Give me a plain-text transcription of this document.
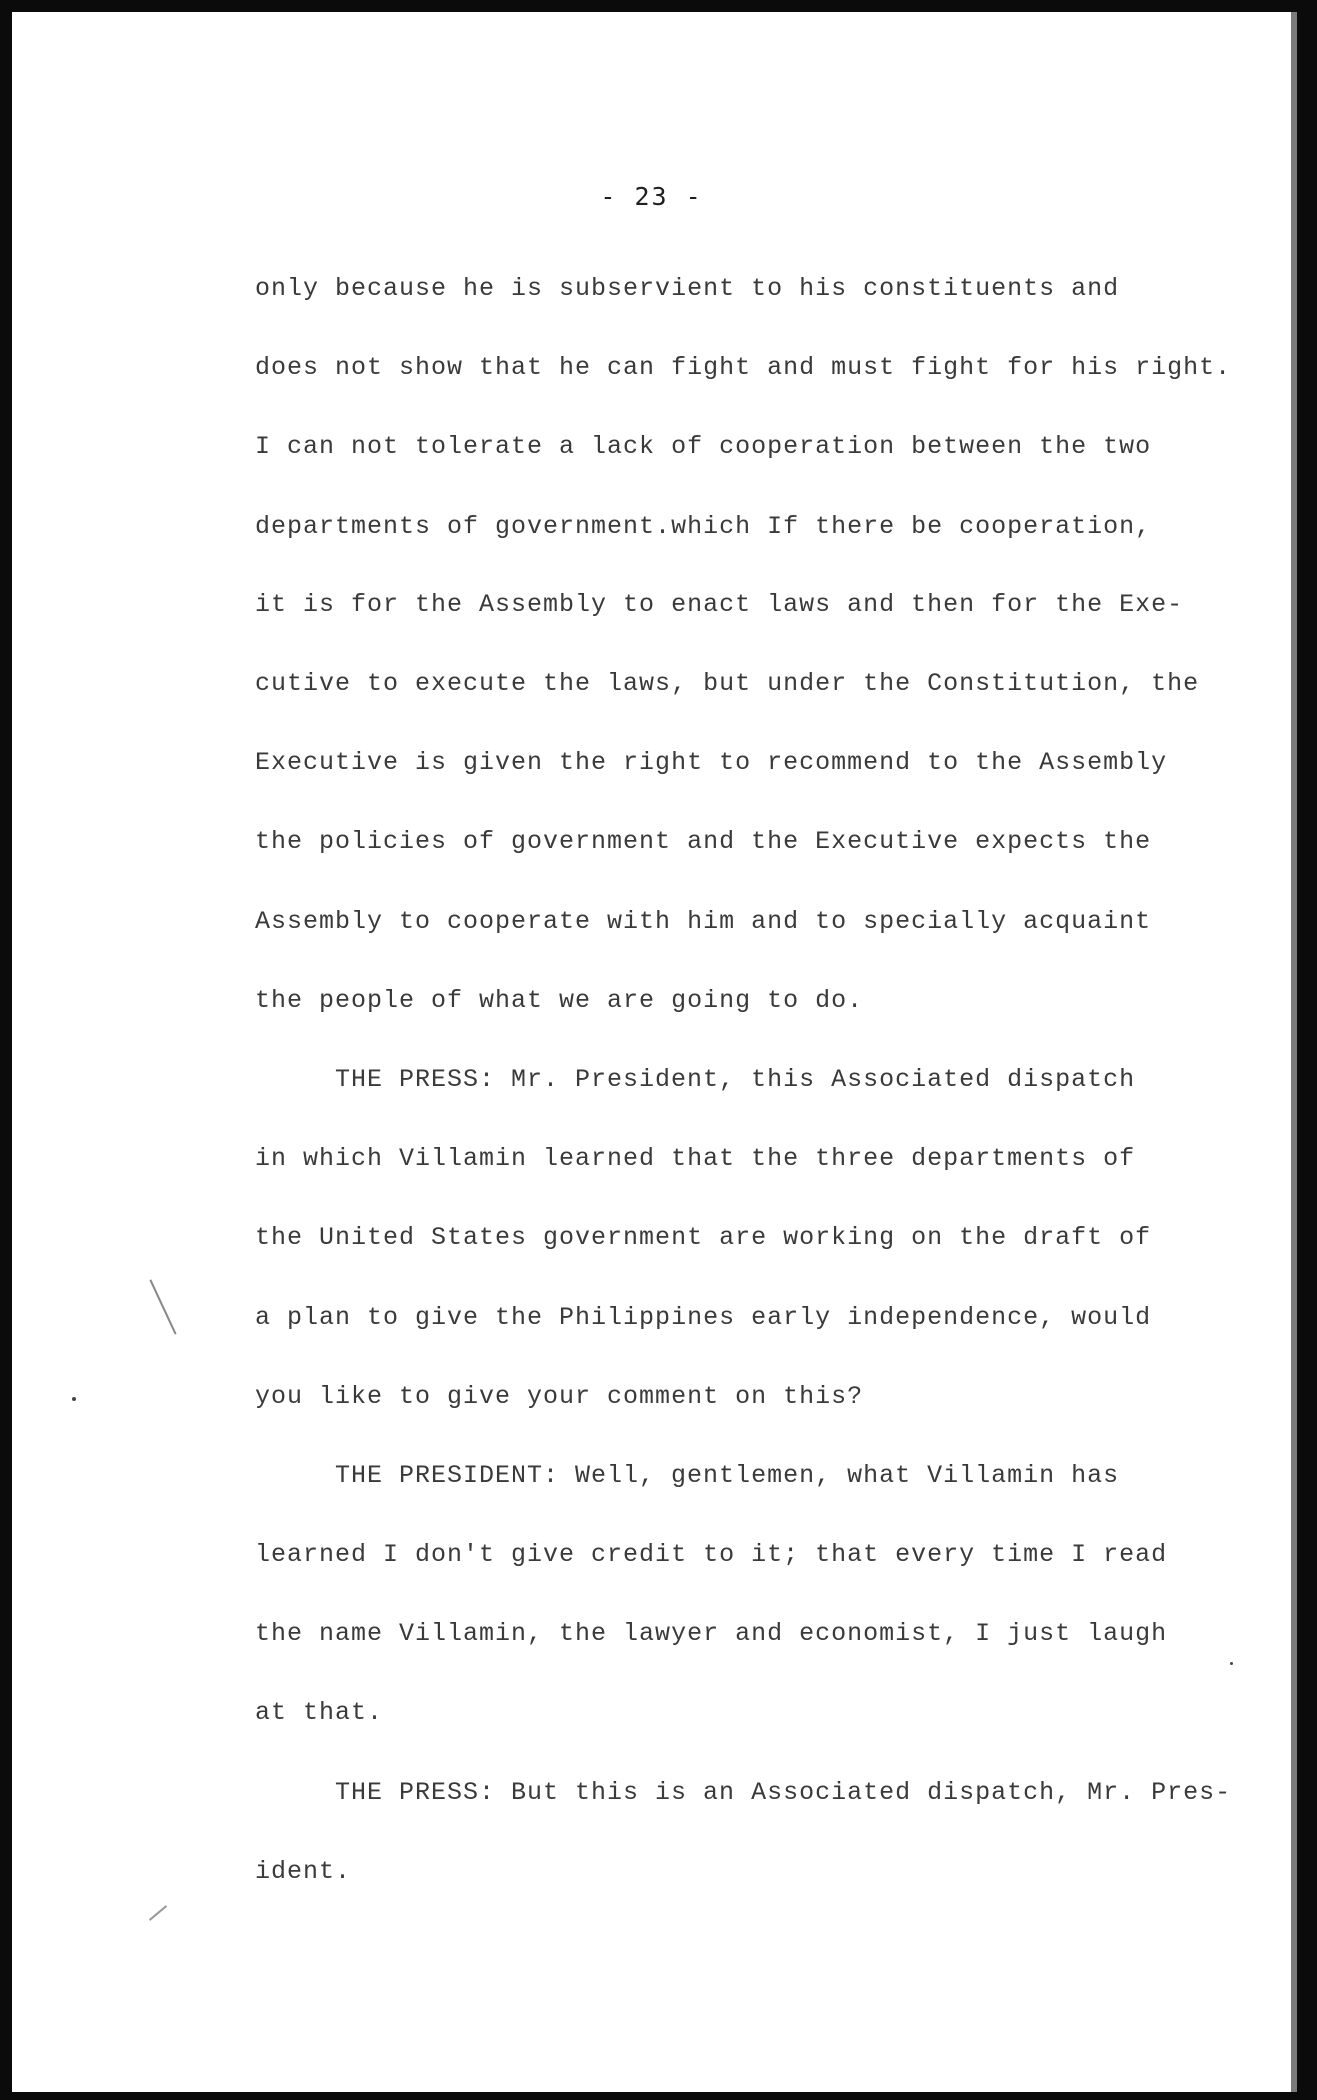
- 23 -
only because he is subservient to his constituents and
does not show that he can fight and must fight for his right.
I can not tolerate a lack of cooperation between the two
departments of government.which If there be cooperation,
it is for the Assembly to enact laws and then for the Exe-
cutive to execute the laws, but under the Constitution, the
Executive is given the right to recommend to the Assembly
the policies of government and the Executive expects the
Assembly to cooperate with him and to specially acquaint
the people of what we are going to do.
THE PRESS: Mr. President, this Associated dispatch
in which Villamin learned that the three departments of
the United States government are working on the draft of
a plan to give the Philippines early independence, would
you like to give your comment on this?
THE PRESIDENT: Well, gentlemen, what Villamin has
learned I don't give credit to it; that every time I read
the name Villamin, the lawyer and economist, I just laugh
at that.
THE PRESS: But this is an Associated dispatch, Mr. Pres-
ident.
